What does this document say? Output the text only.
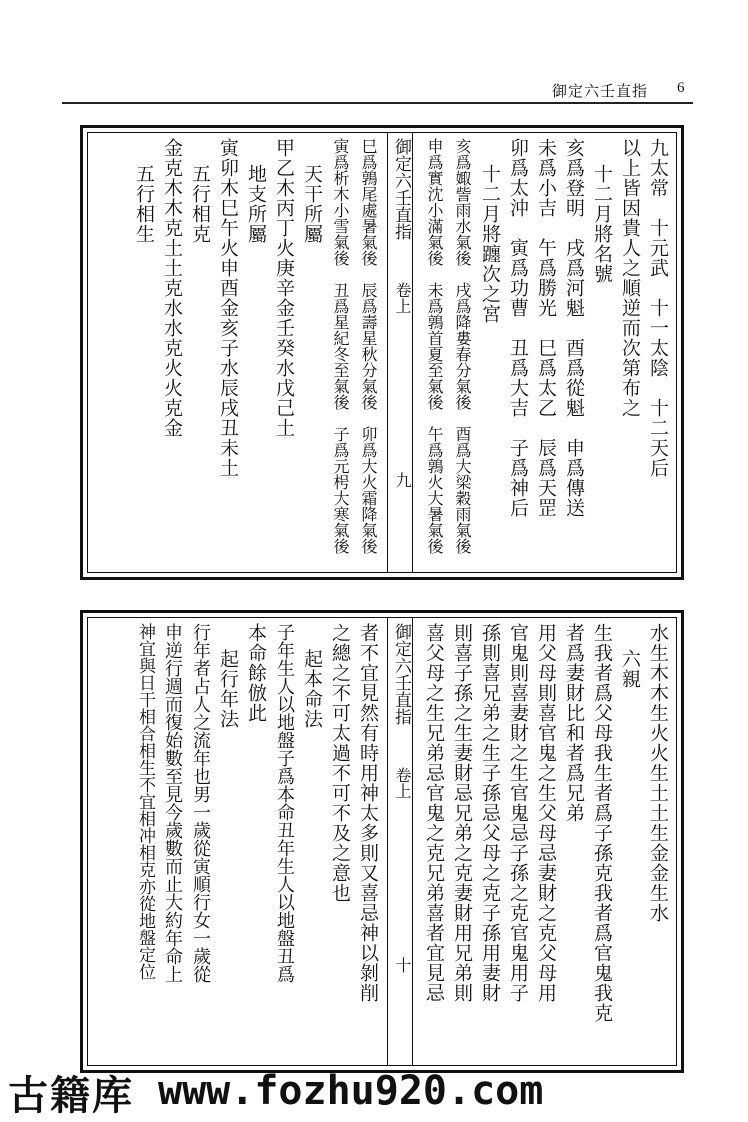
御定六壬直指 6
九太常　十元武　十一太陰　十二天后
以上皆因貴人之順逆而次第布之
十二月將名號
亥爲登明　戌爲河魁　酉爲從魁　申爲傳送
未爲小吉　午爲勝光　巳爲太乙　辰爲天罡
卯爲太沖　寅爲功曹　丑爲大吉　子爲神后
十二月將躔次之宮
亥爲娵訾雨水氣後　戌爲降婁春分氣後　酉爲大梁穀雨氣後
申爲實沈小滿氣後　未爲鶉首夏至氣後　午爲鶉火大暑氣後
御定六壬直指
卷上
九
巳爲鶉尾處暑氣後　辰爲壽星秋分氣後　卯爲大火霜降氣後
寅爲析木小雪氣後　丑爲星紀冬至氣後　子爲元枵大寒氣後
天干所屬
甲乙木丙丁火庚辛金壬癸水戊己土
地支所屬
寅卯木巳午火申酉金亥子水辰戌丑未土
五行相克
金克木木克土土克水水克火火克金
五行相生
水生木木生火火生土土生金金生水
六親
生我者爲父母我生者爲子孫克我者爲官鬼我克
者爲妻財比和者爲兄弟
用父母則喜官鬼之生父母忌妻財之克父母用
官鬼則喜妻財之生官鬼忌子孫之克官鬼用子
孫則喜兄弟之生子孫忌父母之克子孫用妻財
則喜子孫之生妻財忌兄弟之克妻財用兄弟則
喜父母之生兄弟忌官鬼之克兄弟喜者宜見忌
御定六壬直指
卷上
十
者不宜見然有時用神太多則又喜忌神以剝削
之總之不可太過不可不及之意也
起本命法
子年生人以地盤子爲本命丑年生人以地盤丑爲
本命餘倣此
起行年法
行年者占人之流年也男一歲從寅順行女一歲從
申逆行週而復始數至見今歲數而止大約年命上
神宜與日干相合相生不宜相冲相克亦從地盤定位
古籍库 www.fozhu920.com
